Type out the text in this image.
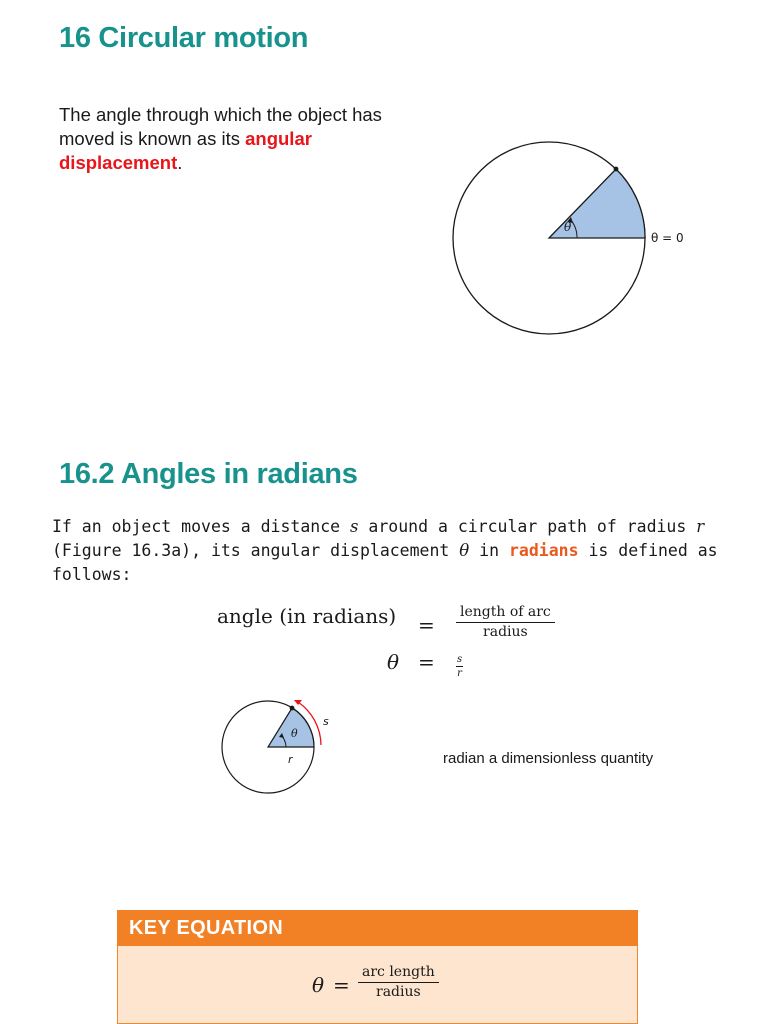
16 Circular motion
The angle through which the object has moved is known as its angular displacement.
θ
θ = 0
16.2 Angles in radians
If an object moves a distance s around a circular path of radius r (Figure 16.3a), its angular displacement θ in radians is defined as follows:
angle (in radians) =
length of arc
radius
$\theta = \frac{s}{r}$
θ
s
r	radian a dimensionless quantity
KEY EQUATION
θ =
arc length
radius
